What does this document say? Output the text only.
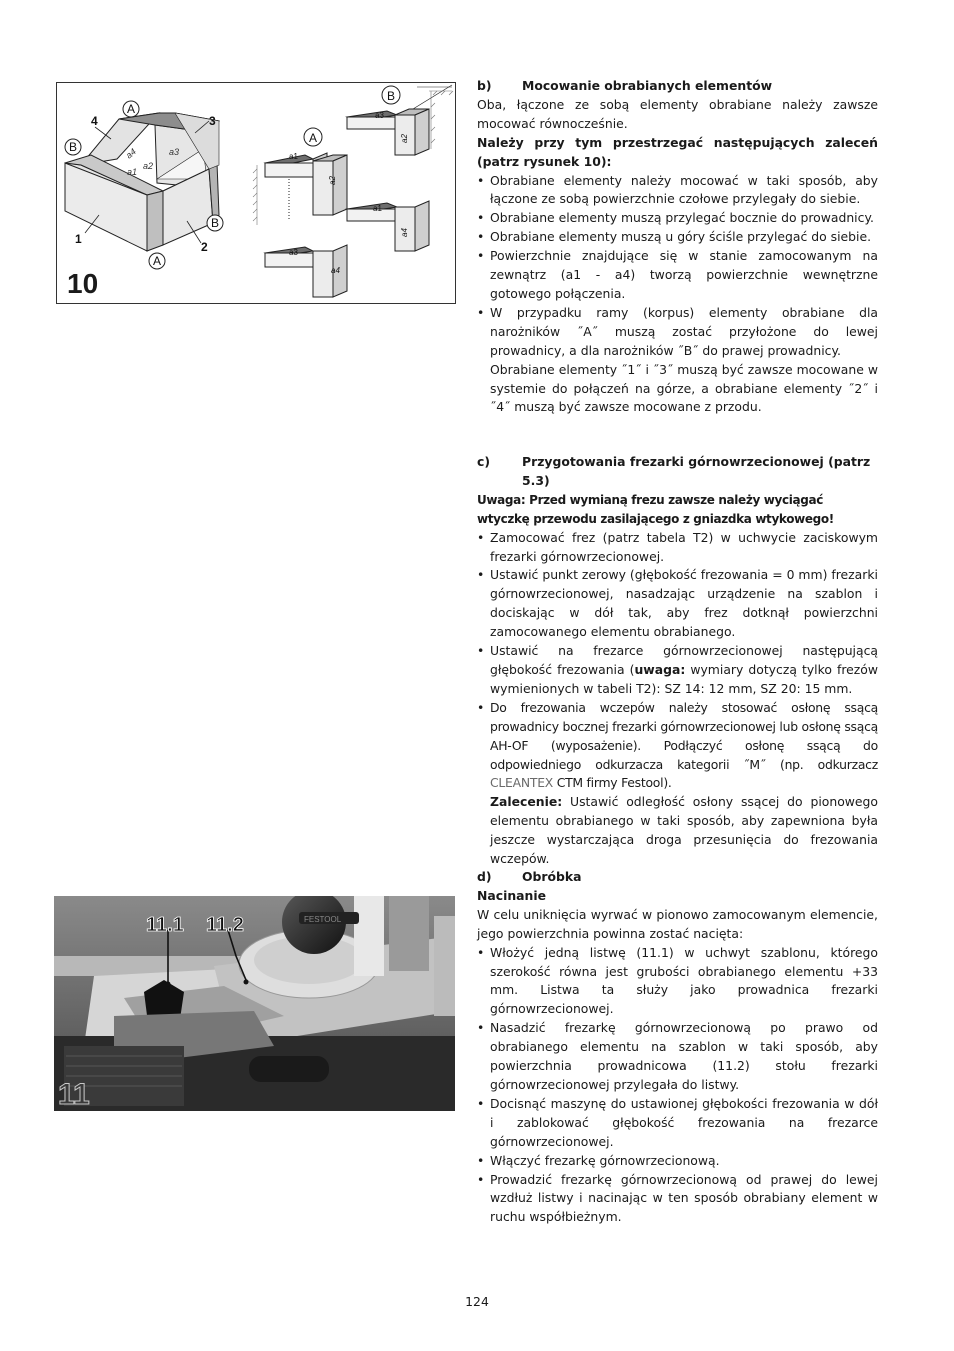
a4	a3
a1
a2
1
2
3
4
A
B
B
A
B
A
a1
a2
a3
a2
a1
a4
a3
a4
10
FESTOOL
11.1 11.2
11
b)	Mocowanie obrabianych elementów

Oba, łączone ze sobą elementy obrabiane należy zawsze mocować równocześnie.

Należy przy tym przestrzegać następujących zaleceń (patrz rysunek 10):

• Obrabiane elementy należy mocować w taki sposób, aby łączone ze sobą powierzchnie czołowe przylegały do siebie.
• Obrabiane elementy muszą przylegać bocznie do prowadnicy.
• Obrabiane elementy muszą u góry ściśle przylegać do siebie.
• Powierzchnie znajdujące się w stanie zamocowanym na zewnątrz (a1 - a4) tworzą powierzchnie wewnętrzne gotowego połączenia.
• W przypadku ramy (korpus) elementy obrabiane dla narożników ˝A˝ muszą zostać przyłożone do lewej prowadnicy, a dla narożników ˝B˝ do prawej prowadnicy.

Obrabiane elementy ˝1˝ i ˝3˝ muszą być zawsze mocowane w systemie do połączeń na górze, a obrabiane elementy ˝2˝ i ˝4˝ muszą być zawsze mocowane z przodu.

c)	Przygotowania frezarki górnowrzecionowej (patrz 5.3)

Uwaga: Przed wymianą frezu zawsze należy wyciągać wtyczkę przewodu zasilającego z gniazdka wtykowego!

• Zamocować frez (patrz tabela T2) w uchwycie zaciskowym frezarki górnowrzecionowej.
• Ustawić punkt zerowy (głębokość frezowania = 0 mm) frezarki górnowrzecionowej, nasadzając urządzenie na szablon i dociskając w dół tak, aby frez dotknął powierzchni zamocowanego elementu obrabianego.
• Ustawić na frezarce górnowrzecionowej następującą głębokość frezowania (uwaga: wymiary dotyczą tylko frezów wymienionych w tabeli T2): SZ 14: 12 mm, SZ 20: 15 mm.
• Do frezowania wczepów należy stosować osłonę ssącą prowadnicy bocznej frezarki górnowrzecionowej lub osłonę ssącą AH-OF (wyposażenie). Podłączyć osłonę ssącą do odpowiedniego odkurzacza kategorii ˝M˝ (np. odkurzacz CLEANTEX CTM firmy Festool).

Zalecenie: Ustawić odległość osłony ssącej do pionowego elementu obrabianego w taki sposób, aby zapewniona była jeszcze wystarczająca droga przesunięcia do frezowania wczepów.

d)	Obróbka

Nacinanie

W celu uniknięcia wyrwać w pionowo zamocowanym elemencie, jego powierzchnia powinna zostać nacięta:

• Włożyć jedną listwę (11.1) w uchwyt szablonu, którego szerokość równa jest grubości obrabianego elementu +33 mm. Listwa ta służy jako prowadnica frezarki górnowrzecionowej.
• Nasadzić frezarkę górnowrzecionową po prawo od obrabianego elementu na szablon w taki sposób, aby powierzchnia prowadnicowa (11.2) stołu frezarki górnowrzecionowej przylegała do listwy.
• Docisnąć maszynę do ustawionej głębokości frezowania w dół i zablokować głębokość frezowania na frezarce górnowrzecionowej.
• Włączyć frezarkę górnowrzecionową.
• Prowadzić frezarkę górnowrzecionową od prawej do lewej wzdłuż listwy i nacinając w ten sposób obrabiany element w ruchu współbieżnym.
124
